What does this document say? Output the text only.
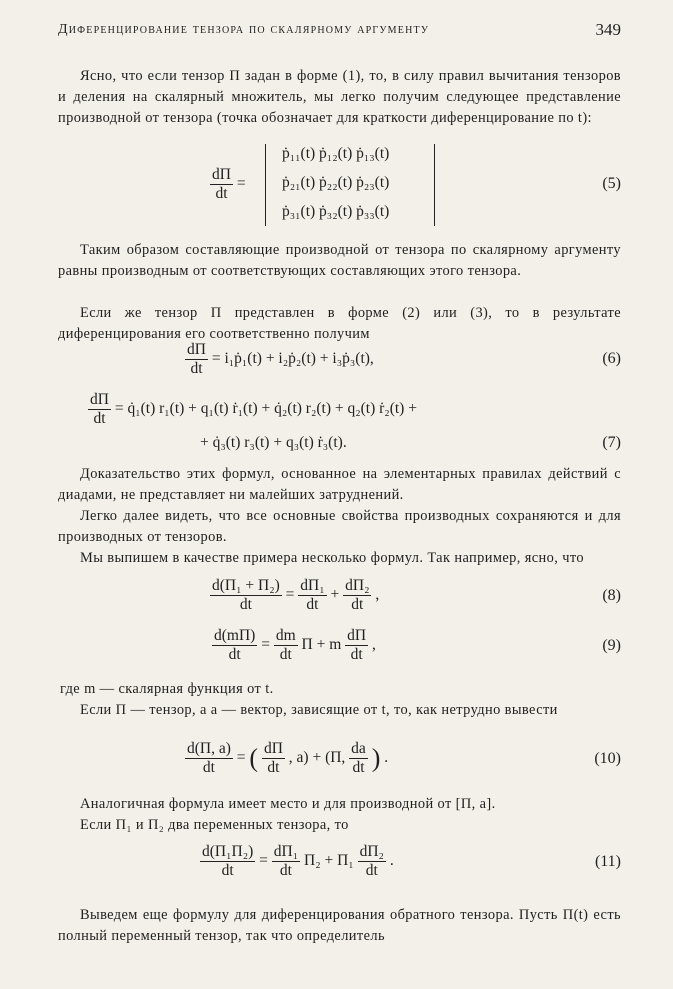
Диференцирование тензора по скалярному аргументу	349
Ясно, что если тензор П задан в форме (1), то, в силу правил вычитания тензоров и деления на скалярный множитель, мы легко получим следующее представление производной от тензора (точка обозначает для краткости диференцирование по t):
$\frac{dП}{dt}$ =
ṗ₁₁(t) ṗ₁₂(t) ṗ₁₃(t)
ṗ₂₁(t) ṗ₂₂(t) ṗ₂₃(t)
ṗ₃₁(t) ṗ₃₂(t) ṗ₃₃(t)
(5)
Таким образом составляющие производной от тензора по скалярному аргументу равны производным от соответствующих составляющих этого тензора.
Если же тензор П представлен в форме (2) или (3), то в результате диференцирования его соответственно получим
$\frac{dП}{dt}$ = i₁ṗ₁(t) + i₂ṗ₂(t) + i₃ṗ₃(t),	(6)
$\frac{dП}{dt}$ = q̇₁(t) r₁(t) + q₁(t) ṙ₁(t) + q̇₂(t) r₂(t) + q₂(t) ṙ₂(t) +
+ q̇₃(t) r₃(t) + q₃(t) ṙ₃(t).	(7)
Доказательство этих формул, основанное на элементарных правилах действий с диадами, не представляет ни малейших затруднений.
Легко далее видеть, что все основные свойства производных сохраняются и для производных от тензоров.
Мы выпишем в качестве примера несколько формул. Так например, ясно, что
$\frac{\text{d(П₁ + П₂)}}{dt} = \frac{\text{dП₁}}{dt} + \frac{\text{dП₂}}{dt}$ ,	(8)
$\frac{d(mП)}{dt} = \frac{dm}{dt}$ П + m $\frac{dП}{dt}$ ,	(9)
где m — скалярная функция от t.
Если П — тензор, а a — вектор, зависящие от t, то, как нетрудно вывести
$\frac{d(П, a)}{dt}$ = ( $\frac{dП}{dt}$ , a) + (П, $\frac{da}{dt}$ ) .	(10)
Аналогичная формула имеет место и для производной от [П, a].
Если П₁ и П₂ два переменных тензора, то
$\frac{\text{d(П₁П₂)}}{dt} = \frac{\text{dП₁}}{dt} П_2 + П_1 \frac{\text{dП₂}}{dt}$ .	(11)
Выведем еще формулу для диференцирования обратного тензора. Пусть П(t) есть полный переменный тензор, так что определитель
